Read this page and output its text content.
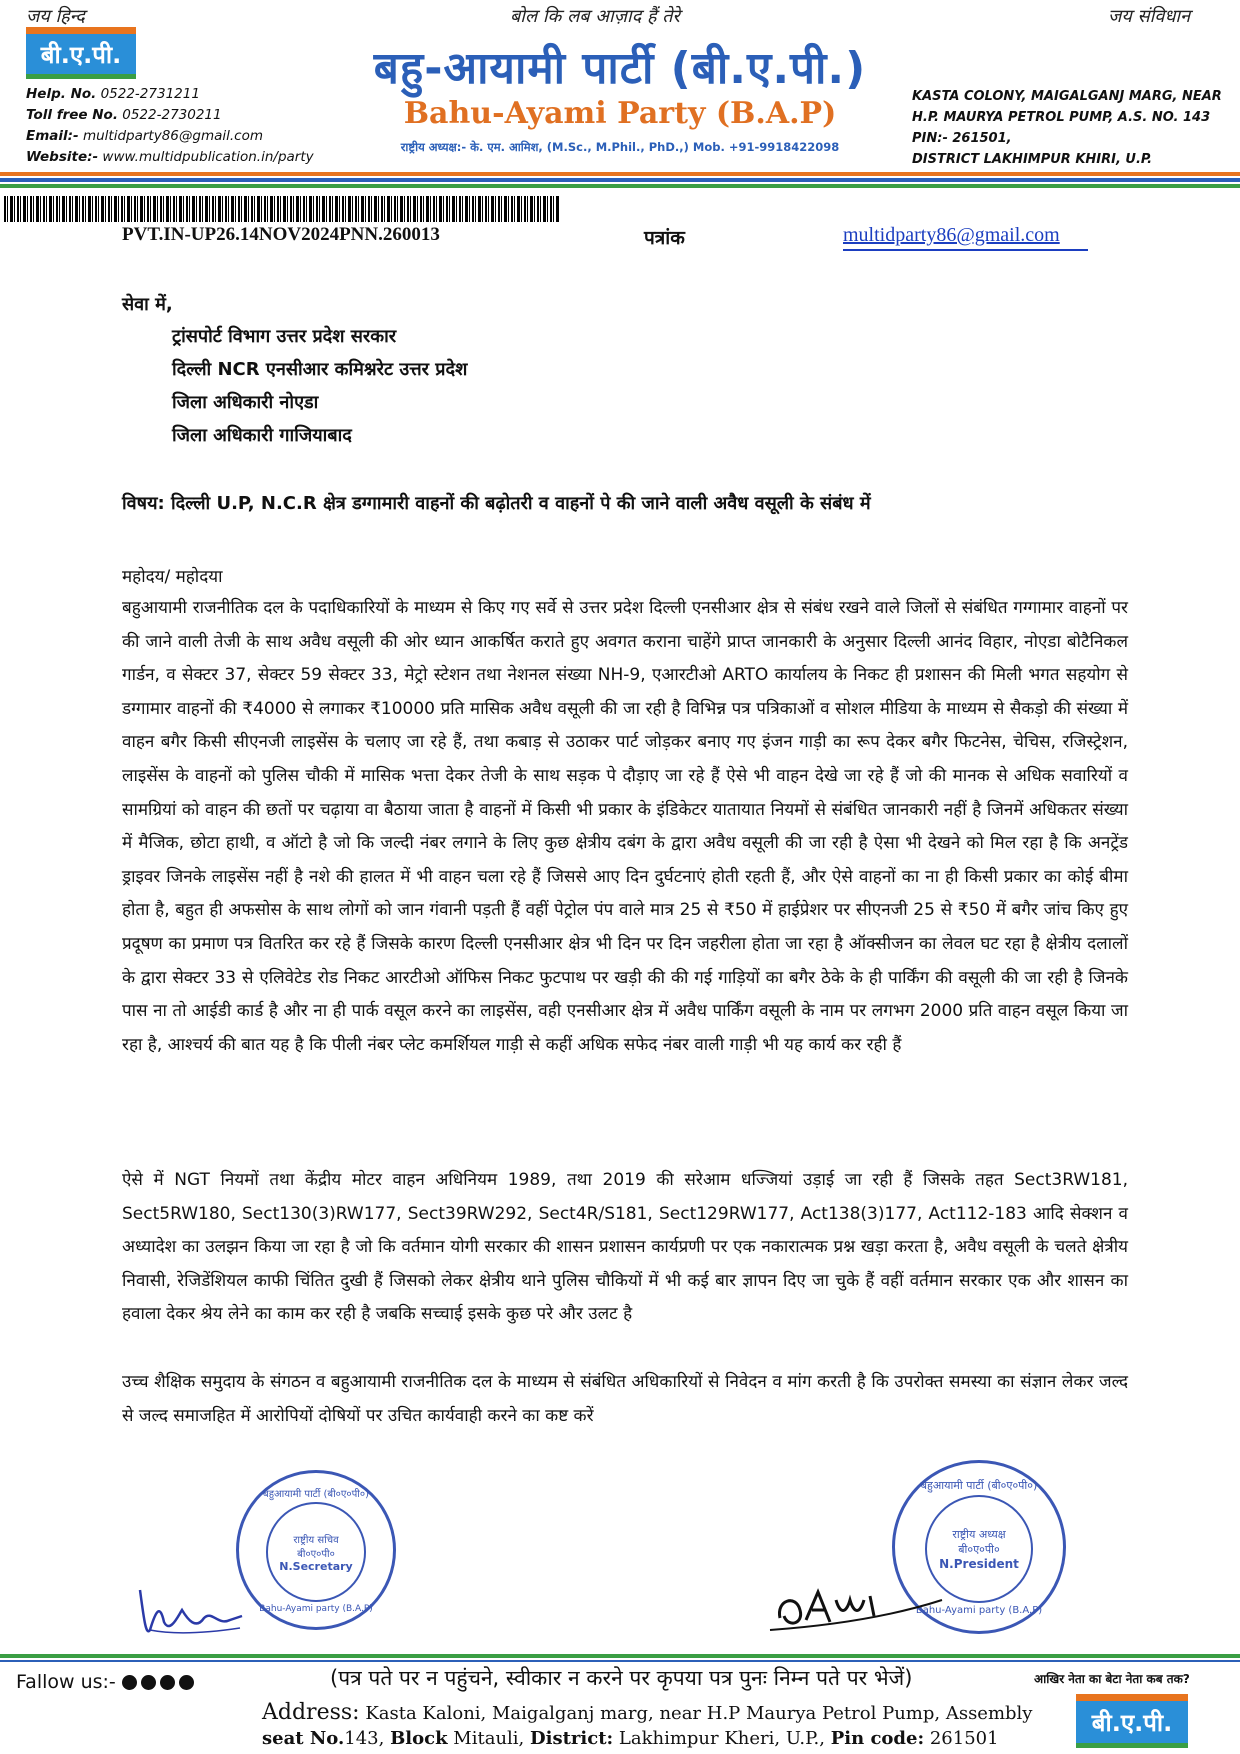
जय हिन्द	बोल कि लब आज़ाद हैं तेरे	जय संविधान
बी.ए.पी.
Help. No. 0522-2731211
Toll free No. 0522-2730211
Email:- multidparty86@gmail.com
Website:- www.multidpublication.in/party
बहु-आयामी पार्टी (बी.ए.पी.)
Bahu-Ayami Party (B.A.P)
राष्ट्रीय अध्यक्ष:- के. एम. आमिश, (M.Sc., M.Phil., PhD.,) Mob. +91-9918422098
KASTA COLONY, MAIGALGANJ MARG, NEAR
H.P. MAURYA PETROL PUMP, A.S. NO. 143
PIN:- 261501,
DISTRICT LAKHIMPUR KHIRI, U.P.
PVT.IN-UP26.14NOV2024PNN.260013	पत्रांक	multidparty86@gmail.com
सेवा में,
ट्रांसपोर्ट विभाग उत्तर प्रदेश सरकार
दिल्ली NCR एनसीआर कमिश्नरेट उत्तर प्रदेश
जिला अधिकारी नोएडा
जिला अधिकारी गाजियाबाद
विषय: दिल्ली U.P, N.C.R क्षेत्र डग्गामारी वाहनों की बढ़ोतरी व वाहनों पे की जाने वाली अवैध वसूली के संबंध में
महोदय/ महोदया
बहुआयामी राजनीतिक दल के पदाधिकारियों के माध्यम से किए गए सर्वे से उत्तर प्रदेश दिल्ली एनसीआर क्षेत्र से संबंध रखने वाले जिलों से संबंधित गग्गामार वाहनों पर की जाने वाली तेजी के साथ अवैध वसूली की ओर ध्यान आकर्षित कराते हुए अवगत कराना चाहेंगे प्राप्त जानकारी के अनुसार दिल्ली आनंद विहार, नोएडा बोटैनिकल गार्डन, व सेक्टर 37, सेक्टर 59 सेक्टर 33, मेट्रो स्टेशन तथा नेशनल संख्या NH-9, एआरटीओ ARTO कार्यालय के निकट ही प्रशासन की मिली भगत सहयोग से डग्गामार वाहनों की ₹4000 से लगाकर ₹10000 प्रति मासिक अवैध वसूली की जा रही है विभिन्न पत्र पत्रिकाओं व सोशल मीडिया के माध्यम से सैकड़ो की संख्या में वाहन बगैर किसी सीएनजी लाइसेंस के चलाए जा रहे हैं, तथा कबाड़ से उठाकर पार्ट जोड़कर बनाए गए इंजन गाड़ी का रूप देकर बगैर फिटनेस, चेचिस, रजिस्ट्रेशन, लाइसेंस के वाहनों को पुलिस चौकी में मासिक भत्ता देकर तेजी के साथ सड़क पे दौड़ाए जा रहे हैं ऐसे भी वाहन देखे जा रहे हैं जो की मानक से अधिक सवारियों व सामग्रियां को वाहन की छतों पर चढ़ाया वा बैठाया जाता है वाहनों में किसी भी प्रकार के इंडिकेटर यातायात नियमों से संबंधित जानकारी नहीं है जिनमें अधिकतर संख्या में मैजिक, छोटा हाथी, व ऑटो है जो कि जल्दी नंबर लगाने के लिए कुछ क्षेत्रीय दबंग के द्वारा अवैध वसूली की जा रही है ऐसा भी देखने को मिल रहा है कि अनट्रेंड ड्राइवर जिनके लाइसेंस नहीं है नशे की हालत में भी वाहन चला रहे हैं जिससे आए दिन दुर्घटनाएं होती रहती हैं, और ऐसे वाहनों का ना ही किसी प्रकार का कोई बीमा होता है, बहुत ही अफसोस के साथ लोगों को जान गंवानी पड़ती हैं वहीं पेट्रोल पंप वाले मात्र 25 से ₹50 में हाईप्रेशर पर सीएनजी 25 से ₹50 में बगैर जांच किए हुए प्रदूषण का प्रमाण पत्र वितरित कर रहे हैं जिसके कारण दिल्ली एनसीआर क्षेत्र भी दिन पर दिन जहरीला होता जा रहा है ऑक्सीजन का लेवल घट रहा है क्षेत्रीय दलालों के द्वारा सेक्टर 33 से एलिवेटेड रोड निकट आरटीओ ऑफिस निकट फुटपाथ पर खड़ी की की गई गाड़ियों का बगैर ठेके के ही पार्किंग की वसूली की जा रही है जिनके पास ना तो आईडी कार्ड है और ना ही पार्क वसूल करने का लाइसेंस, वही एनसीआर क्षेत्र में अवैध पार्किंग वसूली के नाम पर लगभग 2000 प्रति वाहन वसूल किया जा रहा है, आश्चर्य की बात यह है कि पीली नंबर प्लेट कमर्शियल गाड़ी से कहीं अधिक सफेद नंबर वाली गाड़ी भी यह कार्य कर रही हैं
ऐसे में NGT नियमों तथा केंद्रीय मोटर वाहन अधिनियम 1989, तथा 2019 की सरेआम धज्जियां उड़ाई जा रही हैं जिसके तहत Sect3RW181, Sect5RW180, Sect130(3)RW177, Sect39RW292, Sect4R/S181, Sect129RW177, Act138(3)177, Act112-183 आदि सेक्शन व अध्यादेश का उलझन किया जा रहा है जो कि वर्तमान योगी सरकार की शासन प्रशासन कार्यप्रणी पर एक नकारात्मक प्रश्न खड़ा करता है, अवैध वसूली के चलते क्षेत्रीय निवासी, रेजिडेंशियल काफी चिंतित दुखी हैं जिसको लेकर क्षेत्रीय थाने पुलिस चौकियों में भी कई बार ज्ञापन दिए जा चुके हैं वहीं वर्तमान सरकार एक और शासन का हवाला देकर श्रेय लेने का काम कर रही है जबकि सच्चाई इसके कुछ परे और उलट है
उच्च शैक्षिक समुदाय के संगठन व बहुआयामी राजनीतिक दल के माध्यम से संबंधित अधिकारियों से निवेदन व मांग करती है कि उपरोक्त समस्या का संज्ञान लेकर जल्द से जल्द समाजहित में आरोपियों दोषियों पर उचित कार्यवाही करने का कष्ट करें
बहुआयामी पार्टी (बी०ए०पी०)
राष्ट्रीय सचिव
बी०ए०पी०
N.Secretary
Bahu-Ayami party (B.A.P)
बहुआयामी पार्टी (बी०ए०पी०)
राष्ट्रीय अध्यक्ष
बी०ए०पी०
N.President
Bahu-Ayami party (B.A.P)
Fallow us:-	(पत्र पते पर न पहुंचने, स्वीकार न करने पर कृपया पत्र पुनः निम्न पते पर भेजें)
Address: Kasta Kaloni, Maigalganj marg, near H.P Maurya Petrol Pump, Assembly
seat No.143, Block Mitauli, District: Lakhimpur Kheri, U.P., Pin code: 261501
आखिर नेता का बेटा नेता कब तक?
बी.ए.पी.
